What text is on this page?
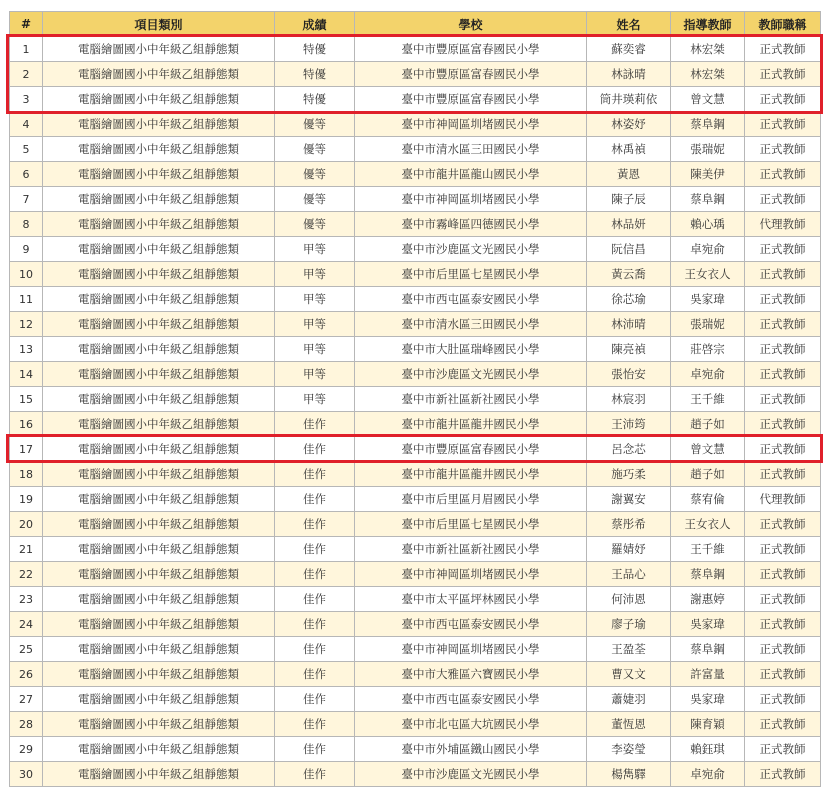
#	項目類別	成績	學校	姓名	指導教師	教師職稱
1	電腦繪圖國小中年級乙組靜態類	特優	臺中市豐原區富春國民小學	蘇奕睿	林宏桀	正式教師
2	電腦繪圖國小中年級乙組靜態類	特優	臺中市豐原區富春國民小學	林詠晴	林宏桀	正式教師
3	電腦繪圖國小中年級乙組靜態類	特優	臺中市豐原區富春國民小學	筒井瑛莉依	曾文慧	正式教師
4	電腦繪圖國小中年級乙組靜態類	優等	臺中市神岡區圳堵國民小學	林姿妤	蔡阜鋼	正式教師
5	電腦繪圖國小中年級乙組靜態類	優等	臺中市清水區三田國民小學	林禹禎	張瑞妮	正式教師
6	電腦繪圖國小中年級乙組靜態類	優等	臺中市龍井區龍山國民小學	黃恩	陳美伊	正式教師
7	電腦繪圖國小中年級乙組靜態類	優等	臺中市神岡區圳堵國民小學	陳子辰	蔡阜鋼	正式教師
8	電腦繪圖國小中年級乙組靜態類	優等	臺中市霧峰區四德國民小學	林品妍	賴心瑀	代理教師
9	電腦繪圖國小中年級乙組靜態類	甲等	臺中市沙鹿區文光國民小學	阮信昌	卓宛俞	正式教師
10	電腦繪圖國小中年級乙組靜態類	甲等	臺中市后里區七星國民小學	黃云喬	王女衣人	正式教師
11	電腦繪圖國小中年級乙組靜態類	甲等	臺中市西屯區泰安國民小學	徐芯瑜	吳家瑋	正式教師
12	電腦繪圖國小中年級乙組靜態類	甲等	臺中市清水區三田國民小學	林沛晴	張瑞妮	正式教師
13	電腦繪圖國小中年級乙組靜態類	甲等	臺中市大肚區瑞峰國民小學	陳亮禎	莊啓宗	正式教師
14	電腦繪圖國小中年級乙組靜態類	甲等	臺中市沙鹿區文光國民小學	張怡安	卓宛俞	正式教師
15	電腦繪圖國小中年級乙組靜態類	甲等	臺中市新社區新社國民小學	林宸羽	王千維	正式教師
16	電腦繪圖國小中年級乙組靜態類	佳作	臺中市龍井區龍井國民小學	王沛筠	趙子如	正式教師
17	電腦繪圖國小中年級乙組靜態類	佳作	臺中市豐原區富春國民小學	呂念芯	曾文慧	正式教師
18	電腦繪圖國小中年級乙組靜態類	佳作	臺中市龍井區龍井國民小學	施巧柔	趙子如	正式教師
19	電腦繪圖國小中年級乙組靜態類	佳作	臺中市后里區月眉國民小學	謝翼安	蔡宥倫	代理教師
20	電腦繪圖國小中年級乙組靜態類	佳作	臺中市后里區七星國民小學	蔡彤希	王女衣人	正式教師
21	電腦繪圖國小中年級乙組靜態類	佳作	臺中市新社區新社國民小學	羅婧妤	王千維	正式教師
22	電腦繪圖國小中年級乙組靜態類	佳作	臺中市神岡區圳堵國民小學	王品心	蔡阜鋼	正式教師
23	電腦繪圖國小中年級乙組靜態類	佳作	臺中市太平區坪林國民小學	何沛恩	謝惠婷	正式教師
24	電腦繪圖國小中年級乙組靜態類	佳作	臺中市西屯區泰安國民小學	廖子瑜	吳家瑋	正式教師
25	電腦繪圖國小中年級乙組靜態類	佳作	臺中市神岡區圳堵國民小學	王盈荃	蔡阜鋼	正式教師
26	電腦繪圖國小中年級乙組靜態類	佳作	臺中市大雅區六寶國民小學	曹又文	許富量	正式教師
27	電腦繪圖國小中年級乙組靜態類	佳作	臺中市西屯區泰安國民小學	蕭婕羽	吳家瑋	正式教師
28	電腦繪圖國小中年級乙組靜態類	佳作	臺中市北屯區大坑國民小學	董恆恩	陳育穎	正式教師
29	電腦繪圖國小中年級乙組靜態類	佳作	臺中市外埔區鐵山國民小學	李姿瑩	賴鈺琪	正式教師
30	電腦繪圖國小中年級乙組靜態類	佳作	臺中市沙鹿區文光國民小學	楊雋驛	卓宛俞	正式教師
